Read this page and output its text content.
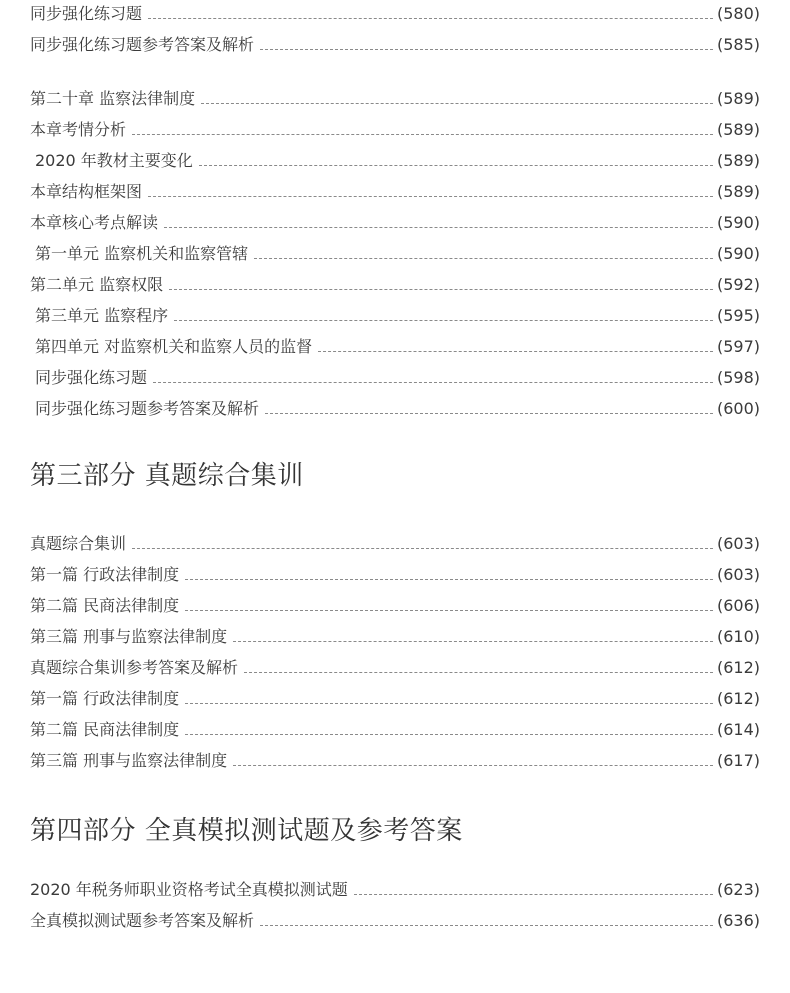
同步强化练习题	(580)
同步强化练习题参考答案及解析	(585)
第二十章 监察法律制度	(589)
本章考情分析	(589)
2020 年教材主要变化	(589)
本章结构框架图	(589)
本章核心考点解读	(590)
第一单元 监察机关和监察管辖	(590)
第二单元 监察权限	(592)
第三单元 监察程序	(595)
第四单元 对监察机关和监察人员的监督	(597)
同步强化练习题	(598)
同步强化练习题参考答案及解析	(600)
第三部分 真题综合集训
真题综合集训	(603)
第一篇 行政法律制度	(603)
第二篇 民商法律制度	(606)
第三篇 刑事与监察法律制度	(610)
真题综合集训参考答案及解析	(612)
第一篇 行政法律制度	(612)
第二篇 民商法律制度	(614)
第三篇 刑事与监察法律制度	(617)
第四部分 全真模拟测试题及参考答案
2020 年税务师职业资格考试全真模拟测试题	(623)
全真模拟测试题参考答案及解析	(636)
